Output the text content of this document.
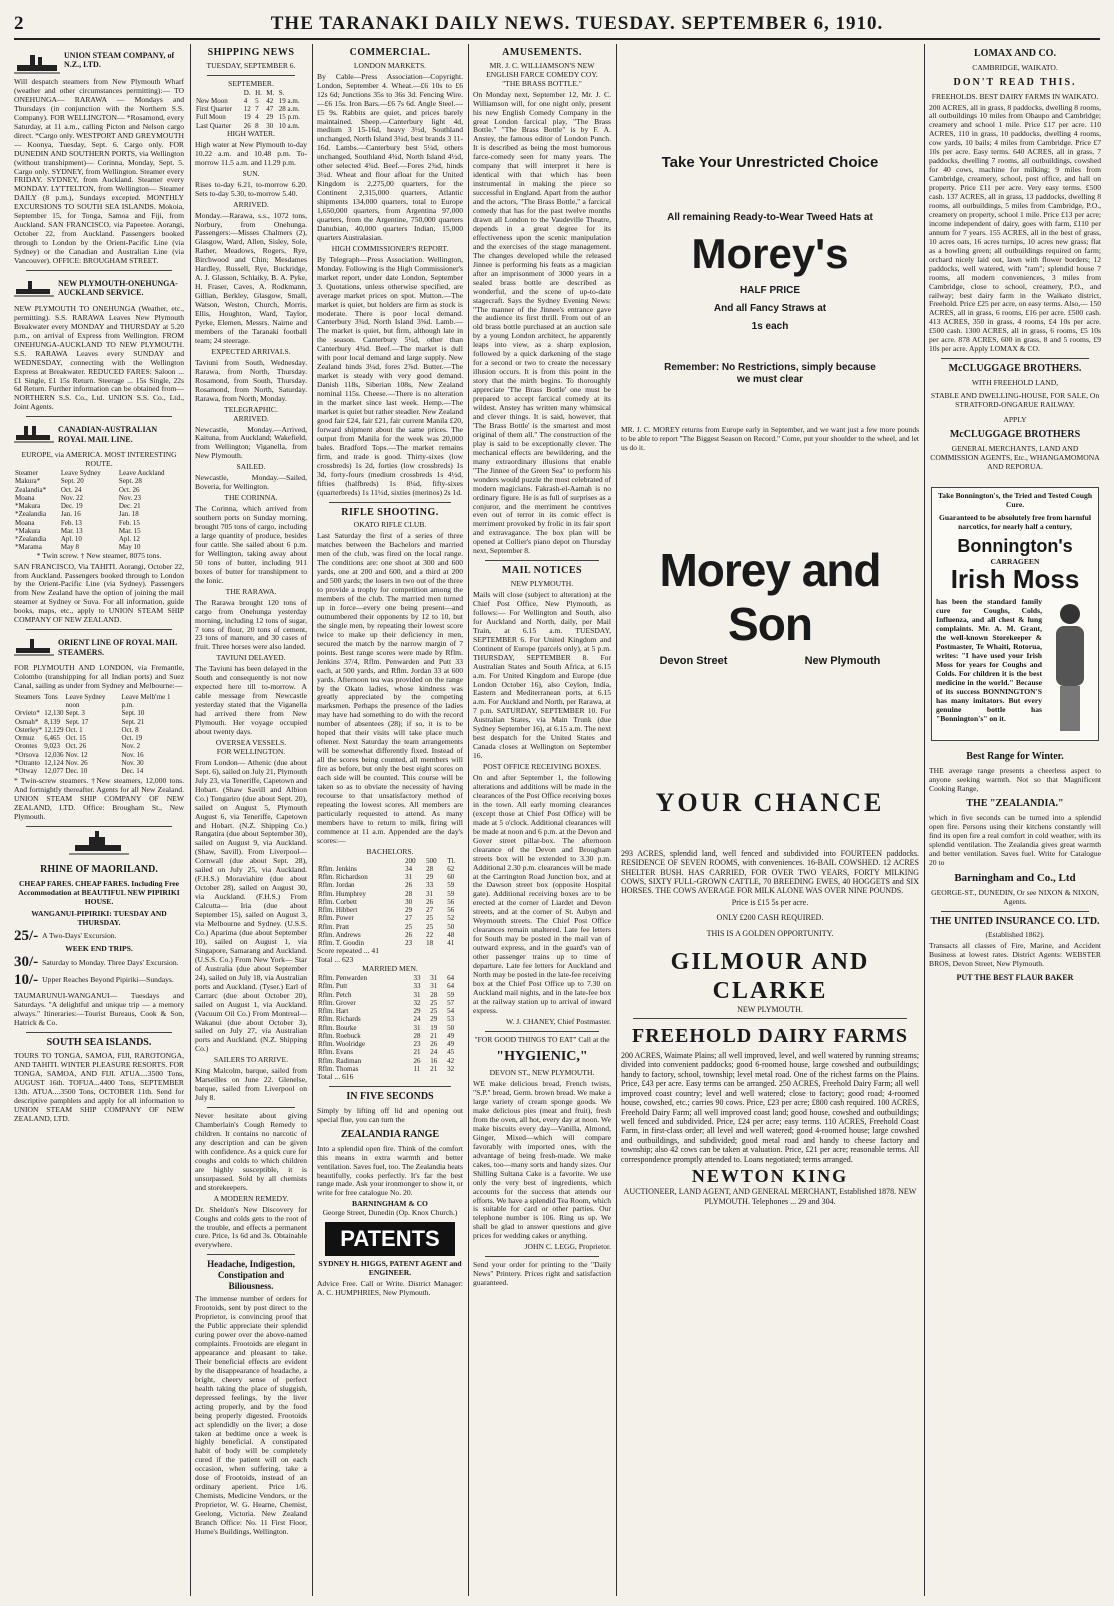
2	THE TARANAKI DAILY NEWS. TUESDAY. SEPTEMBER 6, 1910.
UNION STEAM COMPANY, of N.Z., LTD.

Will despatch steamers from New Plymouth Wharf (weather and other circumstances permitting):— TO ONEHUNGA— RARAWA — Mondays and Thursdays (in conjunction with the Northern S.S. Company). FOR WELLINGTON— *Rosamond, every Saturday, at 11 a.m., calling Picton and Nelson cargo direct. *Cargo only. WESTPORT AND GREYMOUTH— Koonya, Tuesday, Sept. 6. Cargo only. FOR DUNEDIN AND SOUTHERN PORTS, via Wellington (without transhipment)— Corinna, Monday, Sept. 5. Cargo only. SYDNEY, from Wellington. Steamer every FRIDAY. SYDNEY, from Auckland. Steamer every MONDAY. LYTTELTON, from Wellington— Steamer DAILY (8 p.m.), Sundays excepted. MONTHLY EXCURSIONS TO SOUTH SEA ISLANDS. Mokoia, September 15, for Tonga, Samoa and Fiji, from Auckland. SAN FRANCISCO, via Papeetee. Aorangi, October 22, from Auckland. Passengers booked through to London by the Orient-Pacific Line (via Sydney) or the Canadian and Australian Line (via Vancouver). OFFICE: BROUGHAM STREET.

NEW PLYMOUTH-ONEHUNGA-AUCKLAND SERVICE.

NEW PLYMOUTH TO ONEHUNGA (Weather, etc., permitting). S.S. RARAWA Leaves New Plymouth Breakwater every MONDAY and THURSDAY at 5.20 p.m., on arrival of Express from Wellington. FROM ONEHUNGA-AUCKLAND TO NEW PLYMOUTH. S.S. RARAWA Leaves every SUNDAY and WEDNESDAY, connecting with the Wellington Express at Breakwater. REDUCED FARES: Saloon ... £1 Single, £1 15s Return. Steerage ... 15s Single, 22s 6d Return. Further information can be obtained from— NORTHERN S.S. Co., Ltd. UNION S.S. Co., Ltd., Joint Agents.

CANADIAN-AUSTRALIAN ROYAL MAIL LINE.
EUROPE, via AMERICA. MOST INTERESTING ROUTE.
Steamer	Leave Sydney	Leave Auckland
Makura*	Sept. 20	Sept. 28
Zealandia*	Oct. 24	Oct. 26
Moana	Nov. 22	Nov. 23
*Makura	Dec. 19	Dec. 21
*Zealandia	Jan. 16	Jan. 18
Moana	Feb. 13	Feb. 15
*Makura	Mar. 13	Mar. 15
*Zealandia	Apl. 10	Apl. 12
*Marama	May 8	May 10
* Twin screw. † New steamer, 8075 tons.

SAN FRANCISCO, Via TAHITI. Aorangi, October 22, from Auckland. Passengers booked through to London by the Orient-Pacific Line (via Sydney). Passengers from New Zealand have the option of joining the mail steamer at Sydney or Suva. For all information, guide books, maps, etc., apply to UNION STEAM SHIP COMPANY OF NEW ZEALAND.

ORIENT LINE OF ROYAL MAIL STEAMERS.

FOR PLYMOUTH AND LONDON, via Fremantle, Colombo (transhipping for all Indian ports) and Suez Canal, sailing as under from Sydney and Melbourne:—

Steamers	Tons	Leave Sydney noon	Leave Melb'rne 1 p.m.
Orvieto*	12,130	Sept. 3	Sept. 10
Osmah*	8,139	Sept. 17	Sept. 21
Osterley*	12,129	Oct. 1	Oct. 8
Ormuz	6,465	Oct. 15	Oct. 19
Orontes	9,023	Oct. 26	Nov. 2
*Orsova	12,036	Nov. 12	Nov. 16
*Otranto	12,124	Nov. 26	Nov. 30
*Otway	12,077	Dec. 10	Dec. 14

* Twin-screw steamers. †New steamers, 12,000 tons. And fortnightly thereafter. Agents for all New Zealand. UNION STEAM SHIP COMPANY OF NEW ZEALAND, LTD. Office: Brougham St., New Plymouth.

RHINE OF MAORILAND.
CHEAP FARES. CHEAP FARES. Including Free Accommodation at BEAUTIFUL NEW PIPIRIKI HOUSE.
WANGANUI-PIPIRIKI: TUESDAY AND THURSDAY.
25/- A Two-Days' Excursion.
WEEK END TRIPS.
30/- Saturday to Monday. Three Days' Excursion.
10/- Upper Reaches Beyond Pipiriki—Sundays.

TAUMARUNUI-WANGANUI— Tuesdays and Saturdays. "A delightful and unique trip — a memory always." Itineraries:—Tourist Bureaus, Cook & Son, Hatrick & Co.

SOUTH SEA ISLANDS.

TOURS TO TONGA, SAMOA, FIJI, RAROTONGA, AND TAHITI. WINTER PLEASURE RESORTS. FOR TONGA, SAMOA, AND FIJI. ATUA....3500 Tons, AUGUST 16th. TOFUA...4400 Tons, SEPTEMBER 13th. ATUA....3500 Tons, OCTOBER 11th. Send for descriptive pamphlets and apply for all information to UNION STEAM SHIP COMPANY OF NEW ZEALAND, LTD.

SHIPPING NEWS
TUESDAY, SEPTEMBER 6.
SEPTEMBER.
	D.	H.	M.	S.
New Moon	4	5	42	19 a.m.
First Quarter	12	7	47	28 a.m.
Full Moon	19	4	29	15 p.m.
Last Quarter	26	8	30	10 a.m.
HIGH WATER.

High water at New Plymouth to-day 10.22 a.m. and 10.48 p.m. To-morrow 11.5 a.m. and 11.29 p.m.

SUN.

Rises to-day 6.21, to-morrow 6.20. Sets to-day 5.30, to-morrow 5.40.

ARRIVED.

Monday.—Rarawa, s.s., 1072 tons, Norbury, from Onehunga. Passengers:—Misses Chalmers (2), Glasgow, Ward, Allen, Sisley, Sole, Rather, Meadows, Rogers, Rye, Birchwood and Chin; Mesdames Hardley, Russell, Rye, Buckridge, A. J. Glasson, Schlaiky, B. A. Pyke, H. Fraser, Caves, A. Rodkmann, Gillian, Berkley, Glasgow, Small, Watson, Weston, Church, Morris, Ellis, Houghton, Ward, Taylor, Pyrke, Elemen, Messrs. Nairne and members of the Taranaki football team; 24 steerage.

EXPECTED ARRIVALS.

Taviuni from South, Wednesday. Rarawa, from North, Thursday. Rosamond, from South, Thursday. Rosamond, from North, Saturday. Rarawa, from North, Monday.

TELEGRAPHIC.
ARRIVED.

Newcastle, Monday.—Arrived, Kaituna, from Auckland; Wakefield, from Wellington; Viganella, from New Plymouth.

SAILED.

Newcastle, Monday.—Sailed, Boveria, for Wellington.

THE CORINNA.

The Corinna, which arrived from southern ports on Sunday morning, brought 705 tons of cargo, including a large quantity of produce, besides four cattle. She sailed about 6 p.m. for Wellington, taking away about 50 tons of butter, including 911 boxes of butter for transhipment to the Ionic.

THE RARAWA.

The Rarawa brought 120 tons of cargo from Onehunga yesterday morning, including 12 tons of sugar, 7 tons of flour, 20 tons of cement, 23 tons of manure, and 30 cases of fruit. Three horses were also landed.

TAVIUNI DELAYED.

The Taviuni has been delayed in the South and consequently is not now expected here till to-morrow. A cable message from Newcastle yesterday stated that the Viganella had arrived there from New Plymouth. Her voyage occupied about twenty days.

OVERSEA VESSELS.
FOR WELLINGTON.

From London— Athenic (due about Sept. 6), sailed on July 21, Plymouth July 23, via Teneriffe, Capetown and Hobart. (Shaw Savill and Albion Co.) Tongariro (due about Sept. 20), sailed on August 5, Plymouth August 6, via Teneriffe, Capetown and Hobart. (N.Z. Shipping Co.) Rangatira (due about September 30), sailed on August 9, via Auckland. (Shaw, Savill). From Liverpool— Cornwall (due about Sept. 28), sailed on July 25, via Auckland. (F.H.S.) Moraviahire (due about October 28), sailed on August 30, via Auckland. (F.H.S.) From Calcutta— Iria (due about September 15), sailed on August 3, via Melbourne and Sydney. (U.S.S. Co.) Aparima (due about September 10), sailed on August 1, via Singapore, Samarang and Auckland. (U.S.S. Co.) From New York— Star of Australia (due about September 24), sailed on July 18, via Australian ports and Auckland. (Tyser.) Earl of Carrarc (due about October 20), sailed on August 1, via Auckland. (Vacuum Oil Co.) From Montreal— Wakanui (due about October 3), sailed on July 27, via Australian ports and Auckland. (N.Z. Shipping Co.)

SAILERS TO ARRIVE.

King Malcolm, barque, sailed from Marseilles on June 22. Glenelse, barque, sailed from Liverpool on July 8.

Never hesitate about giving Chamberlain's Cough Remedy to children. It contains no narcotic of any description and can be given with confidence. As a quick cure for coughs and colds to which children are highly susceptible, it is unsurpassed. Sold by all chemists and storekeepers.

A MODERN REMEDY.

Dr. Sheldon's New Discovery for Coughs and colds gets to the root of the trouble, and effects a permanent cure. Price, 1s 6d and 3s. Obtainable everywhere.

Headache, Indigestion, Constipation and Biliousness.

The immense number of orders for Frootoids, sent by post direct to the Proprietor, is convincing proof that the Public appreciate their splendid curing power over the above-named complaints. Frootoids are elegant in appearance and pleasant to take. Their beneficial effects are evident by the disappearance of headache, a bright, cheery sense of perfect health taking the place of sluggish, depressed feelings, by the liver acting properly, and by the food being properly digested. Frootoids act splendidly on the liver; a dose taken at bedtime once a week is highly beneficial. A constipated habit of body will be completely cured if the patient will on each occasion, when suffering, take a dose of Frootoids, instead of an ordinary aperient. Price 1/6. Chemists, Medicine Vendors, or the Proprietor, W. G. Hearne, Chemist, Geelong, Victoria. New Zealand Branch Office: No. 11 First Floor, Hume's Buildings, Wellington.

COMMERCIAL.
LONDON MARKETS.

By Cable—Press Association—Copyright. London, September 4. Wheat.—£6 10s to £6 12s 6d; Junctions 35s to 36s 3d. Fencing Wire.—£6 15s. Iron Bars.—£6 7s 6d. Angle Steel.—£5 9s. Rabbits are quiet, and prices barely maintained. Sheep.—Canterbury light 4d, medium 3 15-16d, heavy 3½d, Southland unchanged, North Island 3¾d, best brands 3 11-16d. Lambs.—Canterbury best 5¼d, others unchanged, Southland 4¾d, North Island 4½d, other selected 4¾d. Beef.—Fores 2¾d, hinds 3¼d. Wheat and flour afloat for the United Kingdom is 2,275,00 quarters, for the Continent 2,315,000 quarters, Atlantic shipments 134,000 quarters, total to Europe 1,650,000 quarters, from Argentina 97,000 quarters, from the Argentine, 750,000 quarters Danubian, 40,000 quarters Indian, 15,000 quarters Australasian.

HIGH COMMISSIONER'S REPORT.

By Telegraph—Press Association. Wellington, Monday. Following is the High Commissioner's market report, under date London, September 3. Quotations, unless otherwise specified, are average market prices on spot. Mutton.—The market is quiet, but holders are firm as stock is moderate. There is poor local demand. Canterbury 3¾d, North Island 3⅝d. Lamb.—The market is quiet, but firm, although late in the season. Canterbury 5¼d, other than Canterbury 4¾d. Beef.—The market is dull with poor local demand and large supply. New Zealand hinds 3¼d, fores 2⅞d. Butter.—The market is steady with very good demand. Danish 118s, Siberian 108s, New Zealand nominal 115s. Cheese.—There is no alteration in the market since last week. Hemp.—The market is quiet but rather steadier. New Zealand good fair £24, fair £21, fair current Manila £20, forward shipment about the same prices. The output from Manila for the week was 20,000 bales. Bradford Tops.—The market remains firm, and trade is good. Thirty-sixes (low crossbreds) 1s 2d, forties (low crossbreds) 1s 3d, forty-fours (medium crossbreds 1s 4½d, fifties (halfbreds) 1s 8¼d, fifty-sixes (quarterbreds) 1s 11½d, sixties (merinos) 2s 1d.

RIFLE SHOOTING.
OKATO RIFLE CLUB.

Last Saturday the first of a series of three matches between the Bachelors and married men of the club, was fired on the local range. The conditions are: one shoot at 300 and 600 yards, one at 200 and 600, and a third at 200 and 500 yards; the losers in two out of the three to provide a trophy for competition among the members of the club. The married men turned up in force—every one being present—and outnumbered their opponents by 12 to 10, but the single men, by repeating their lowest score twice to make up their deficiency in men, secured the match by the narrow margin of 7 points. Best range scores were made by Rflm. Jenkins 37/4, Rflm. Penwarden and Putt 33 each, at 500 yards, and Rflm. Jordan 33 at 600 yards. Afternoon tea was provided on the range by the Okato ladies, whose kindness was greatly appreciated by the competing marksmen. Perhaps the presence of the ladies may have had something to do with the record number of absentees (28); if so, it is to be hoped that their visits will take place much oftener. Next Saturday the team arrangements will be somewhat differently fixed. Instead of all the scores being counted, all members will fire as before, but only the best eight scores on each side will be counted. This course will be taken so as to obviate the necessity of having recourse to that unsatisfactory method of repeating the lowest scores. All members are particularly requested to attend. As many members have to return to milk, firing will commence at 11 a.m. Appended are the day's scores:—

BACHELORS.
	200	500	Tl.
Rflm. Jenkins	34	28	62
Rflm. Richardson	31	29	60
Rflm. Jordan	26	33	59
Rflm. Humphrey	28	31	59
Rflm. Corbett	30	26	56
Rflm. Hibbert	29	27	56
Rflm. Power	27	25	52
Rflm. Pratt	25	25	50
Rflm. Andrews	26	22	48
Rflm. T. Goodin	23	18	41
Score repeated ... 41
Total ... 623
MARRIED MEN.
Rflm. Penwarden	33	31	64
Rflm. Putt	33	31	64
Rflm. Petch	31	28	59
Rflm. Grover	32	25	57
Rflm. Hart	29	25	54
Rflm. Richards	24	29	53
Rflm. Bourke	31	19	50
Rflm. Roebuck	28	21	49
Rflm. Woolridge	23	26	49
Rflm. Evans	21	24	45
Rflm. Radiman	26	16	42
Rflm. Thomas	11	21	32
Total ... 616
IN FIVE SECONDS

Simply by lifting off lid and opening out special flue, you can turn the

ZEALANDIA RANGE

Into a splendid open fire. Think of the comfort this means in extra warmth and better ventilation. Saves fuel, too. The Zealandia heats beautifully, cooks perfectly. It's far the best range made. Ask your ironmonger to show it, or write for free catalogue No. 20.

BARNINGHAM & CO
George Street, Dunedin (Op. Knox Church.)
PATENTS
SYDNEY H. HIGGS, PATENT AGENT and ENGINEER.

Advice Free. Call or Write. District Manager: A. C. HUMPHRIES, New Plymouth.

AMUSEMENTS.
MR. J. C. WILLIAMSON'S NEW ENGLISH FARCE COMEDY COY.
"THE BRASS BOTTLE."

On Monday next, September 12, Mr. J. C. Williamson will, for one night only, present his new English Comedy Company in the great London farcical play, "The Brass Bottle." "The Brass Bottle" is by F. A. Anstey, the famous editor of London Punch. It is described as being the most humorous farce-comedy seen for many years. The company that will interpret it here is identical with that which has been instrumental in making the piece so successful in England. Apart from the author and the actors, "The Brass Bottle," a farcical comedy that has for the past twelve months drawn all London to the Vaudeville Theatre, depends in a great degree for its effectiveness upon the scenic manipulation and the exercises of the stage management. The changes developed while the released Jinnee is performing his feats as a magician after an imprisonment of 3000 years in a sealed brass bottle are described as wonderful, and the scene of up-to-date stagecraft. Says the Sydney Evening News: "The manner of the Jinnee's entrance gave the audience its first thrill. From out of an old brass bottle purchased at an auction sale by a young London architect, he apparently leaps into view, as a sharp explosion, followed by a quick darkening of the stage for a second or two to create the necessary illusion occurs. It is from this point in the story that the mirth begins. To thoroughly appreciate 'The Brass Bottle' one must be prepared to accept farcical comedy at its wildest. Anstey has written many whimsical and clever things. It is said, however, that 'The Brass Bottle' is the smartest and most original of them all." The construction of the play is said to be exceptionally clever. The mechanical effects are bewildering, and the many extraordinary illusions that enable "The Jinnee of the Green Sea" to perform his wonders would puzzle the most celebrated of modern magicians. Fakrash-el-Aamah is no ordinary figure. He is as full of surprises as a conjuror, and the merriment he contrives even out of terror in its comic effect is merriment provoked by frolic in its fair sport and extravagance. The box plan will be opened at Collier's piano depot on Thursday next, September 8.

MAIL NOTICES
NEW PLYMOUTH.

Mails will close (subject to alteration) at the Chief Post Office, New Plymouth, as follows:— For Wellington and South, also for Auckland and North, daily, per Mail Train, at 6.15 a.m. TUESDAY, SEPTEMBER 6. For United Kingdom and Continent of Europe (parcels only), at 5 p.m. THURSDAY, SEPTEMBER 8. For Australian States and South Africa, at 6.15 a.m. For United Kingdom and Europe (due London October 16), also Ceylon, India, Eastern and Mediterranean ports, at 6.15 a.m. For Auckland and North, per Rarawa, at 7 p.m. SATURDAY, SEPTEMBER 10. For Australian States, via Main Trunk (due Sydney September 16), at 6.15 a.m. The next best despatch for the United States and Canada closes at Wellington on September 16.

POST OFFICE RECEIVING BOXES.

On and after September 1, the following alterations and additions will be made in the clearances of the Post Office receiving boxes in the town. All early morning clearances (except those at Chief Post Office) will be made at 5 o'clock. Additional clearances will be made at noon and 6 p.m. at the Devon and Gover street pillar-box. The afternoon clearance of the Devon and Brougham streets box will be extended to 3.30 p.m. Additional 2.30 p.m. clearances will be made at the Carrington Road Junction box, and at the Dawson street box (opposite Hospital gate). Additional receiving boxes are to be erected at the corner of Liardet and Devon streets, and at the corner of St. Aubyn and Weymouth streets. The Chief Post Office clearances remain unaltered. Late fee letters for South may be posted in the mail van of outward express, and in the guard's van of other passenger trains up to time of departure. Late fee letters for Auckland and North may be posted in the late-fee receiving box at the Chief Post Office up to 7.30 on Auckland mail nights, and in the late-fee box at the railway station up to arrival of inward express.

W. J. CHANEY, Chief Postmaster.
"FOR GOOD THINGS TO EAT" Call at the
"HYGIENIC,"
DEVON ST., NEW PLYMOUTH.

WE make delicious bread, French twists, "S.P." bread, Germ. brown bread. We make a large variety of cream sponge goods. We make delicious pies (meat and fruit), fresh from the oven, all hot, every day at noon. We make biscuits every day—Vanilla, Almond, Ginger, Mixed—which will compare favorably with imported ones, with the advantage of being fresh-made. We make cakes, too—many sorts and handy sizes. Our Shilling Sultana Cake is a favorite. We use only the very best of ingredients, which accounts for the success that attends our efforts. We have a splendid Tea Room, which is suitable for card or other parties. Our telephone number is 106. Ring us up. We shall be glad to answer questions and give prices for wedding cakes or anything.

JOHN C. LEGG, Proprietor.

Send your order for printing to the "Daily News" Printery. Prices right and satisfaction guaranteed.

Take Your Unrestricted Choice
All remaining Ready-to-Wear Tweed Hats at
Morey's
HALF PRICE
And all Fancy Straws at
1s each
Remember: No Restrictions, simply because we must clear

MR. J. C. MOREY returns from Europe early in September, and we want just a few more pounds to be able to report "The Biggest Season on Record." Come, put your shoulder to the wheel, and let us do it.

Morey and Son
Devon Street	New Plymouth
YOUR CHANCE

293 ACRES, splendid land, well fenced and subdivided into FOURTEEN paddocks. RESIDENCE OF SEVEN ROOMS, with conveniences. 16-BAIL COWSHED. 12 ACRES SHELTER BUSH. HAS CARRIED, FOR OVER TWO YEARS, FORTY MILKING COWS, SIXTY FULL-GROWN CATTLE, 70 BREEDING EWES, 40 HOGGETS and SIX HORSES. THE COWS AVERAGE FOR MILK ALONE WAS OVER NINE POUNDS.

Price is £15 5s per acre.
ONLY £200 CASH REQUIRED.
THIS IS A GOLDEN OPPORTUNITY.
GILMOUR AND CLARKE
NEW PLYMOUTH.
FREEHOLD DAIRY FARMS

200 ACRES, Waimate Plains; all well improved, level, and well watered by running streams; divided into convenient paddocks; good 6-roomed house, large cowshed and outbuildings; handy to factory, school, township; level metal road. One of the richest farms on the Plains. Price, £43 per acre. Easy terms can be arranged. 250 ACRES, Freehold Dairy Farm; all well improved coast country; level and well watered; close to factory; good road; 4-roomed house, cowshed, etc.; carries 90 cows. Price, £23 per acre; £800 cash required. 100 ACRES, Freehold Dairy Farm; all well improved coast land; good house, cowshed and outbuildings; well fenced and subdivided. Price, £24 per acre; easy terms. 110 ACRES, Freehold Coast Farm, in first-class order; all level and well watered; good 4-roomed house; large cowshed and outbuildings, and subdivided; good metal road and handy to cheese factory and township; also 42 cows can be taken at valuation. Price, £21 per acre; reasonable terms. All correspondence promptly attended to. Loans negotiated; terms arranged.

NEWTON KING
AUCTIONEER, LAND AGENT, AND GENERAL MERCHANT, Established 1878. NEW PLYMOUTH. Telephones ... 29 and 304.
LOMAX AND CO.
CAMBRIDGE, WAIKATO.
DON'T READ THIS.
FREEHOLDS. BEST DAIRY FARMS IN WAIKATO.

200 ACRES, all in grass, 8 paddocks, dwelling 8 rooms, all outbuildings 10 miles from Ohaupo and Cambridge; creamery and school 1 mile. Price £17 per acre. 110 ACRES, 110 in grass, 10 paddocks, dwelling 4 rooms, cow yards, 10 bails; 4 miles from Cambridge. Price £7 10s per acre. Easy terms. 640 ACRES, all in grass, 7 paddocks, dwelling 7 rooms, all outbuildings, cowshed for 40 cows, machine for milking; 9 miles from Cambridge, creamery, school, post office, and hall on property. Price £11 per acre. Very easy terms. £500 cash. 137 ACRES, all in grass, 13 paddocks, dwelling 8 rooms, all outbuildings, 5 miles from Cambridge, P.O., creamery on property, school 1 mile. Price £13 per acre; income independent of dairy, goes with farm, £110 per annum for 7 years. 155 ACRES, all in the best of grass, 10 acres oats, 16 acres turnips, 10 acres new grass; flat as a bowling green; all outbuildings required on farm; orchard nicely laid out, lawn with flower borders; 12 paddocks, well watered, with "ram"; splendid house 7 rooms, all modern conveniences, 3 miles from Cambridge, close to school, creamery, P.O., and railway; best dairy farm in the Waikato district, Freehold. Price £25 per acre, on easy terms. Also,— 150 ACRES, all in grass, 6 rooms, £16 per acre. £500 cash. 413 ACRES, 350 in grass, 4 rooms, £4 10s per acre. £500 cash. 1300 ACRES, all in grass, 6 rooms, £5 10s per acre. 878 ACRES, 600 in grass, 8 and 5 rooms, £9 10s per acre. Apply LOMAX & CO.

McCLUGGAGE BROTHERS.
WITH FREEHOLD LAND,
STABLE AND DWELLING-HOUSE, FOR SALE, On STRATFORD-ONGARUE RAILWAY.
APPLY
McCLUGGAGE BROTHERS
GENERAL MERCHANTS, LAND AND COMMISSION AGENTS, Etc., WHANGAMOMONA AND REPORUA.
Take Bonnington's, the Tried and Tested Cough Cure.
Guaranteed to be absolutely free from harmful narcotics, for nearly half a century,
Bonnington's
CARRAGEEN
Irish Moss

has been the standard family cure for Coughs, Colds, Influenza, and all chest & lung complaints. Mr. A. M. Grant, the well-known Storekeeper & Postmaster, Te Whaiti, Rotorua, writes: "I have used your Irish Moss for years for Coughs and Colds. For children it is the best medicine in the world." Because of its success BONNINGTON'S has many imitators. But every genuine bottle has "Bonnington's" on it.

Best Range for Winter.

THE average range presents a cheerless aspect to anyone seeking warmth. Not so that Magnificent Cooking Range,

THE "ZEALANDIA."

which in five seconds can be turned into a splendid open fire. Persons using their kitchens constantly will find its open fire a real comfort in cold weather, with its splendid ventilation. The Zealandia gives great warmth and better ventilation. Saves fuel. Write for Catalogue 20 to

Barningham and Co., Ltd
GEORGE-ST., DUNEDIN, Or see NIXON & NIXON, Agents.
THE UNITED INSURANCE CO. LTD.
(Established 1862).

Transacts all classes of Fire, Marine, and Accident Business at lowest rates. District Agents: WEBSTER BROS, Devon Street, New Plymouth.

PUT THE BEST FLAUR BAKER
